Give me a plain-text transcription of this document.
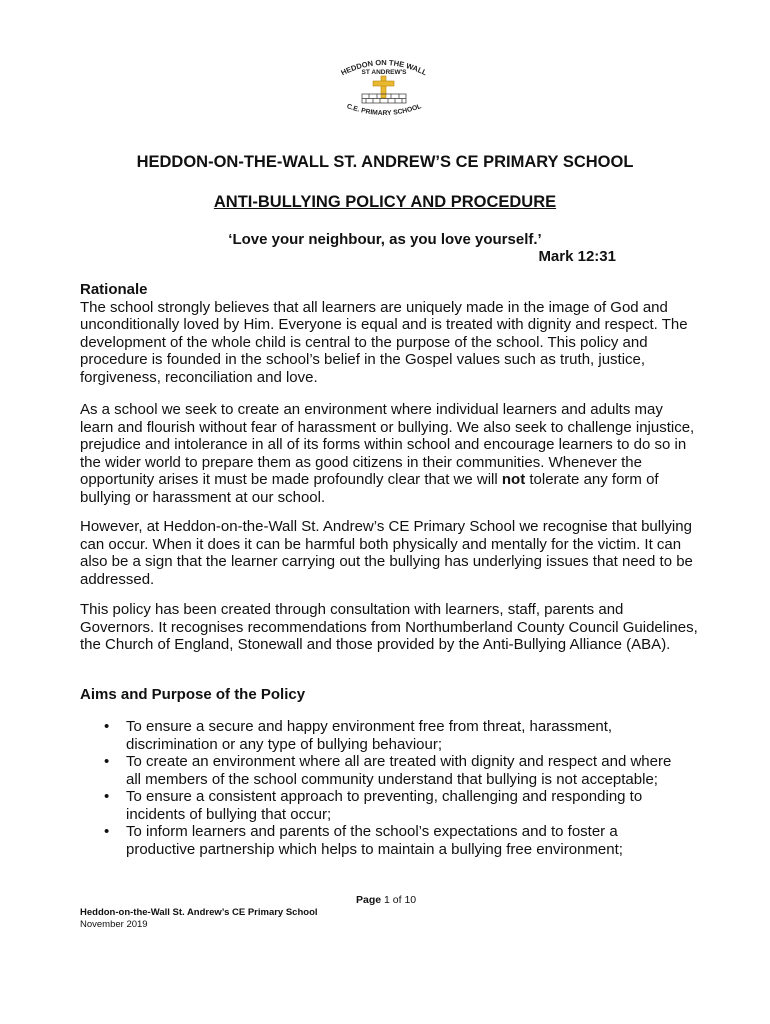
HEDDON ON THE WALL
ST ANDREW'S
C.E. PRIMARY SCHOOL
HEDDON-ON-THE-WALL ST. ANDREW’S CE PRIMARY SCHOOL
ANTI-BULLYING POLICY AND PROCEDURE
‘Love your neighbour, as you love yourself.’
Mark 12:31
Rationale

The school strongly believes that all learners are uniquely made in the image of God and unconditionally loved by Him. Everyone is equal and is treated with dignity and respect. The development of the whole child is central to the purpose of the school. This policy and procedure is founded in the school’s belief in the Gospel values such as truth, justice, forgiveness, reconciliation and love.

As a school we seek to create an environment where individual learners and adults may learn and flourish without fear of harassment or bullying. We also seek to challenge injustice, prejudice and intolerance in all of its forms within school and encourage learners to do so in the wider world to prepare them as good citizens in their communities. Whenever the opportunity arises it must be made profoundly clear that we will not tolerate any form of bullying or harassment at our school.

However, at Heddon-on-the-Wall St. Andrew’s CE Primary School we recognise that bullying can occur. When it does it can be harmful both physically and mentally for the victim. It can also be a sign that the learner carrying out the bullying has underlying issues that need to be addressed.

This policy has been created through consultation with learners, staff, parents and Governors. It recognises recommendations from Northumberland County Council Guidelines, the Church of England, Stonewall and those provided by the Anti-Bullying Alliance (ABA).

Aims and Purpose of the Policy
• To ensure a secure and happy environment free from threat, harassment, discrimination or any type of bullying behaviour;
• To create an environment where all are treated with dignity and respect and where all members of the school community understand that bullying is not acceptable;
• To ensure a consistent approach to preventing, challenging and responding to incidents of bullying that occur;
• To inform learners and parents of the school’s expectations and to foster a productive partnership which helps to maintain a bullying free environment;
Page 1 of 10
Heddon-on-the-Wall St. Andrew’s CE Primary School
November 2019
